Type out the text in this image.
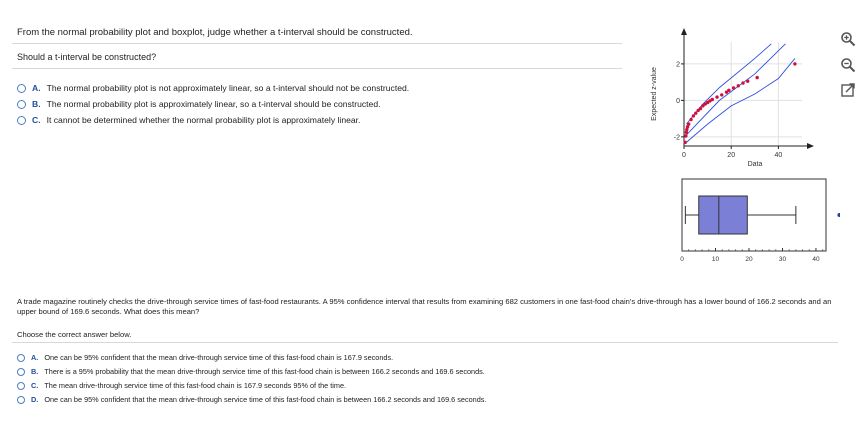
From the normal probability plot and boxplot, judge whether a t-interval should be constructed.
Should a t-interval be constructed?
A. The normal probability plot is not approximately linear, so a t-interval should not be constructed.
B. The normal probability plot is approximately linear, so a t-interval should be constructed.
C. It cannot be determined whether the normal probability plot is approximately linear.
0	20	40
-2
0
2
Data
Expected z-value
0	10	20	30	40
A trade magazine routinely checks the drive-through service times of fast-food restaurants. A 95% confidence interval that results from examining 682 customers in one fast-food chain's drive-through has a lower bound of 166.2 seconds and an upper bound of 169.6 seconds. What does this mean?
Choose the correct answer below.
A. One can be 95% confident that the mean drive-through service time of this fast-food chain is 167.9 seconds.
B. There is a 95% probability that the mean drive-through service time of this fast-food chain is between 166.2 seconds and 169.6 seconds.
C. The mean drive-through service time of this fast-food chain is 167.9 seconds 95% of the time.
D. One can be 95% confident that the mean drive-through service time of this fast-food chain is between 166.2 seconds and 169.6 seconds.
